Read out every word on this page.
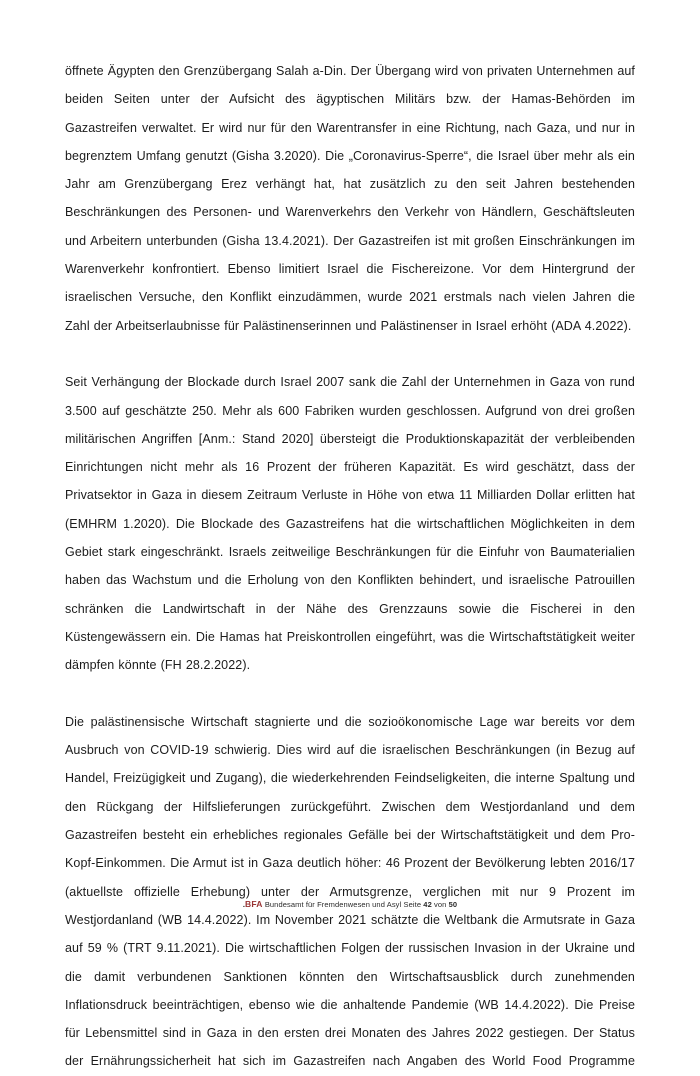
öffnete Ägypten den Grenzübergang Salah a-Din. Der Übergang wird von privaten Unternehmen auf beiden Seiten unter der Aufsicht des ägyptischen Militärs bzw. der Hamas-Behörden im Gazastreifen verwaltet. Er wird nur für den Warentransfer in eine Richtung, nach Gaza, und nur in begrenztem Umfang genutzt (Gisha 3.2020). Die „Coronavirus-Sperre“, die Israel über mehr als ein Jahr am Grenzübergang Erez verhängt hat, hat zusätzlich zu den seit Jahren bestehenden Beschränkungen des Personen- und Warenverkehrs den Verkehr von Händlern, Geschäftsleuten und Arbeitern unterbunden (Gisha 13.4.2021). Der Gazastreifen ist mit großen Einschränkungen im Warenverkehr konfrontiert. Ebenso limitiert Israel die Fischereizone. Vor dem Hintergrund der israelischen Versuche, den Konflikt einzudämmen, wurde 2021 erstmals nach vielen Jahren die Zahl der Arbeitserlaubnisse für Palästinenserinnen und Palästinenser in Israel erhöht (ADA 4.2022).

Seit Verhängung der Blockade durch Israel 2007 sank die Zahl der Unternehmen in Gaza von rund 3.500 auf geschätzte 250. Mehr als 600 Fabriken wurden geschlossen. Aufgrund von drei großen militärischen Angriffen [Anm.: Stand 2020] übersteigt die Produktionskapazität der verbleibenden Einrichtungen nicht mehr als 16 Prozent der früheren Kapazität. Es wird geschätzt, dass der Privatsektor in Gaza in diesem Zeitraum Verluste in Höhe von etwa 11 Milliarden Dollar erlitten hat (EMHRM 1.2020). Die Blockade des Gazastreifens hat die wirtschaftlichen Möglichkeiten in dem Gebiet stark eingeschränkt. Israels zeitweilige Beschränkungen für die Einfuhr von Baumaterialien haben das Wachstum und die Erholung von den Konflikten behindert, und israelische Patrouillen schränken die Landwirtschaft in der Nähe des Grenzzauns sowie die Fischerei in den Küstengewässern ein. Die Hamas hat Preiskontrollen eingeführt, was die Wirtschaftstätigkeit weiter dämpfen könnte (FH 28.2.2022).

Die palästinensische Wirtschaft stagnierte und die sozioökonomische Lage war bereits vor dem Ausbruch von COVID-19 schwierig. Dies wird auf die israelischen Beschränkungen (in Bezug auf Handel, Freizügigkeit und Zugang), die wiederkehrenden Feindseligkeiten, die interne Spaltung und den Rückgang der Hilfslieferungen zurückgeführt. Zwischen dem Westjordanland und dem Gazastreifen besteht ein erhebliches regionales Gefälle bei der Wirtschaftstätigkeit und dem Pro-Kopf-Einkommen. Die Armut ist in Gaza deutlich höher: 46 Prozent der Bevölkerung lebten 2016/17 (aktuellste offizielle Erhebung) unter der Armutsgrenze, verglichen mit nur 9 Prozent im Westjordanland (WB 14.4.2022). Im November 2021 schätzte die Weltbank die Armutsrate in Gaza auf 59 % (TRT 9.11.2021). Die wirtschaftlichen Folgen der russischen Invasion in der Ukraine und die damit verbundenen Sanktionen könnten den Wirtschaftsausblick durch zunehmenden Inflationsdruck beeinträchtigen, ebenso wie die anhaltende Pandemie (WB 14.4.2022). Die Preise für Lebensmittel sind in Gaza in den ersten drei Monaten des Jahres 2022 gestiegen. Der Status der Ernährungssicherheit hat sich im Gazastreifen nach Angaben des World Food Programme

.BFA Bundesamt für Fremdenwesen und Asyl Seite 42 von 50
